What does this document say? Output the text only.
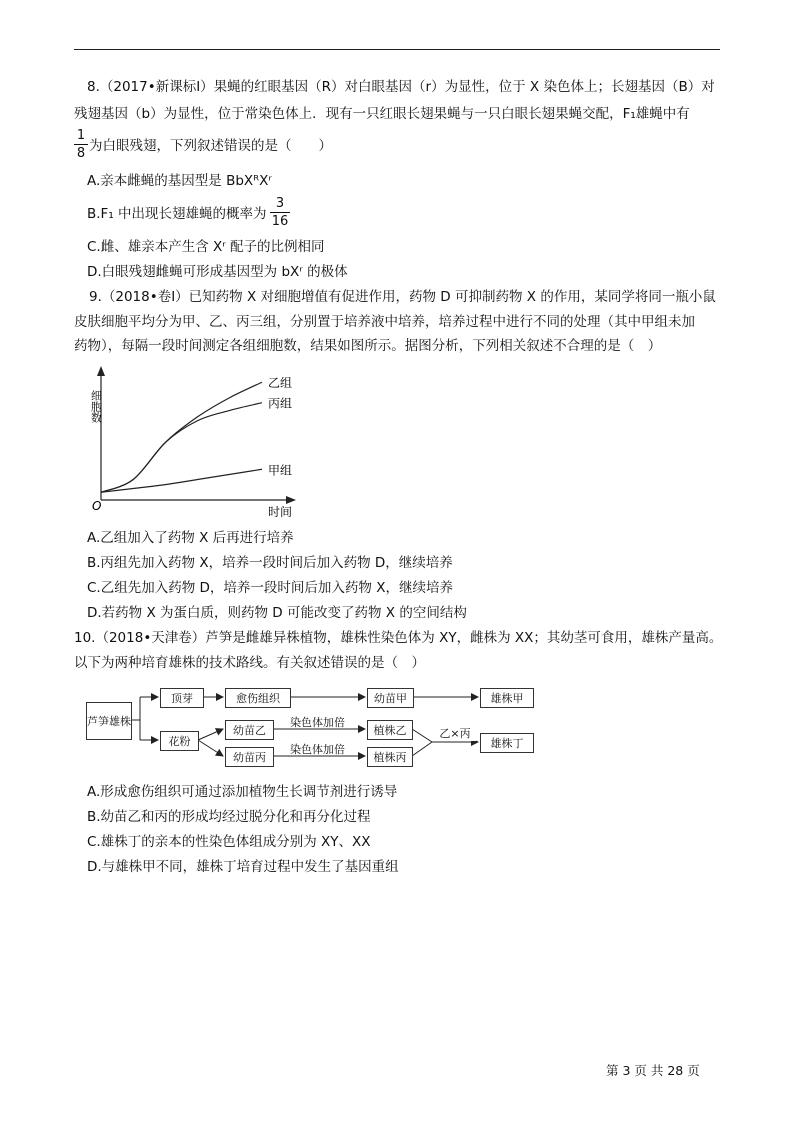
8.（2017•新课标Ⅰ）果蝇的红眼基因（R）对白眼基因（r）为显性，位于 X 染色体上；长翅基因（B）对
残翅基因（b）为显性，位于常染色体上．现有一只红眼长翅果蝇与一只白眼长翅果蝇交配，F₁雄蝇中有
1
8 为白眼残翅，下列叙述错误的是（　　）
A.亲本雌蝇的基因型是 BbXᴿXʳ
B.F₁ 中出现长翅雄蝇的概率为
3
16
C.雌、雄亲本产生含 Xʳ 配子的比例相同
D.白眼残翅雌蝇可形成基因型为 bXʳ 的极体
9.（2018•卷Ⅰ）已知药物 X 对细胞增值有促进作用，药物 D 可抑制药物 X 的作用，某同学将同一瓶小鼠
皮肤细胞平均分为甲、乙、丙三组，分别置于培养液中培养，培养过程中进行不同的处理（其中甲组未加
药物），每隔一段时间测定各组细胞数，结果如图所示。据图分析，下列相关叙述不合理的是（　）
细胞数
时间
O
乙组
丙组
甲组
A.乙组加入了药物 X 后再进行培养
B.丙组先加入药物 X，培养一段时间后加入药物 D，继续培养
C.乙组先加入药物 D，培养一段时间后加入药物 X，继续培养
D.若药物 X 为蛋白质，则药物 D 可能改变了药物 X 的空间结构
10.（2018•天津卷）芦笋是雌雄异株植物，雄株性染色体为 XY，雌株为 XX；其幼茎可食用，雄株产量高。
以下为两种培育雄株的技术路线。有关叙述错误的是（　）
芦笋雄株
顶芽	愈伤组织	幼苗甲	雄株甲
花粉
幼苗乙
幼苗丙
染色体加倍
染色体加倍
植株乙
植株丙
乙×丙
雄株丁
A.形成愈伤组织可通过添加植物生长调节剂进行诱导
B.幼苗乙和丙的形成均经过脱分化和再分化过程
C.雄株丁的亲本的性染色体组成分别为 XY、XX
D.与雄株甲不同，雄株丁培育过程中发生了基因重组
第 3 页 共 28 页
